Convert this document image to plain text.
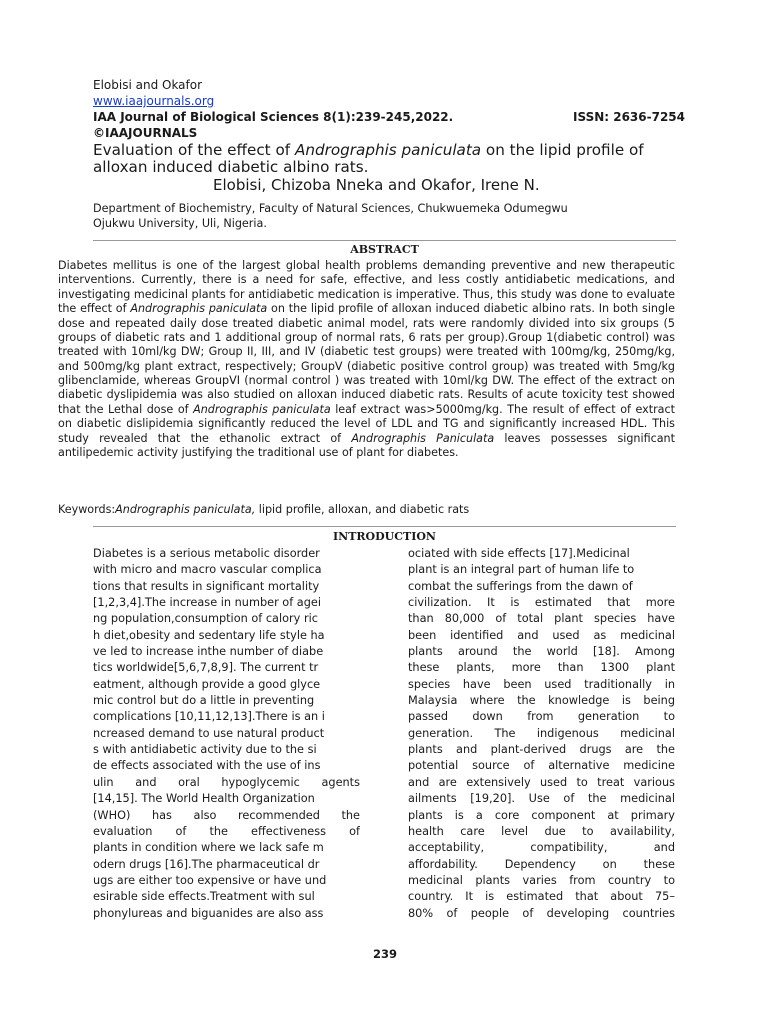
Elobisi and Okafor
www.iaajournals.org
IAA Journal of Biological Sciences 8(1):239-245,2022.	ISSN: 2636-7254
©IAAJOURNALS
Evaluation of the effect of Andrographis paniculata on the lipid profile of
alloxan induced diabetic albino rats.
Elobisi, Chizoba Nneka and Okafor, Irene N.
Department of Biochemistry, Faculty of Natural Sciences, Chukwuemeka Odumegwu
Ojukwu University, Uli, Nigeria.
ABSTRACT

Diabetes mellitus is one of the largest global health problems demanding preventive and new therapeutic interventions. Currently, there is a need for safe, effective, and less costly antidiabetic medications, and investigating medicinal plants for antidiabetic medication is imperative. Thus, this study was done to evaluate the effect of Andrographis paniculata on the lipid profile of alloxan induced diabetic albino rats. In both single dose and repeated daily dose treated diabetic animal model, rats were randomly divided into six groups (5 groups of diabetic rats and 1 additional group of normal rats, 6 rats per group).Group 1(diabetic control) was treated with 10ml/kg DW; Group II, III, and IV (diabetic test groups) were treated with 100mg/kg, 250mg/kg, and 500mg/kg plant extract, respectively; GroupV (diabetic positive control group) was treated with 5mg/kg glibenclamide, whereas GroupVI (normal control ) was treated with 10ml/kg DW. The effect of the extract on diabetic dyslipidemia was also studied on alloxan induced diabetic rats. Results of acute toxicity test showed that the Lethal dose of Andrographis paniculata leaf extract was>5000mg/kg. The result of effect of extract on diabetic dislipidemia significantly reduced the level of LDL and TG and significantly increased HDL. This study revealed that the ethanolic extract of Andrographis Paniculata leaves possesses significant antilipedemic activity justifying the traditional use of plant for diabetes.

Keywords:Andrographis paniculata, lipid profile, alloxan, and diabetic rats
INTRODUCTION
Diabetes is a serious metabolic disorder
with micro and macro vascular complica
tions that results in significant mortality
[1,2,3,4].The increase in number of agei
ng population,consumption of calory ric
h diet,obesity and sedentary life style ha
ve led to increase inthe number of diabe
tics worldwide[5,6,7,8,9]. The current tr
eatment, although provide a good glyce
mic control but do a little in preventing
complications [10,11,12,13].There is an i
ncreased demand to use natural product
s with antidiabetic activity due to the si
de effects associated with the use of ins
ulin and oral hypoglycemic agents
[14,15]. The World Health Organization
(WHO) has also recommended the
evaluation of the effectiveness of
plants in condition where we lack safe m
odern drugs [16].The pharmaceutical dr
ugs are either too expensive or have und
esirable side effects.Treatment with sul
phonylureas and biguanides are also ass
ociated with side effects [17].Medicinal
plant is an integral part of human life to
combat the sufferings from the dawn of
civilization. It is estimated that more
than 80,000 of total plant species have
been identified and used as medicinal
plants around the world [18]. Among
these plants, more than 1300 plant
species have been used traditionally in
Malaysia where the knowledge is being
passed down from generation to
generation. The indigenous medicinal
plants and plant-derived drugs are the
potential source of alternative medicine
and are extensively used to treat various
ailments [19,20]. Use of the medicinal
plants is a core component at primary
health care level due to availability,
acceptability, compatibility, and
affordability. Dependency on these
medicinal plants varies from country to
country. It is estimated that about 75–
80% of people of developing countries
239
